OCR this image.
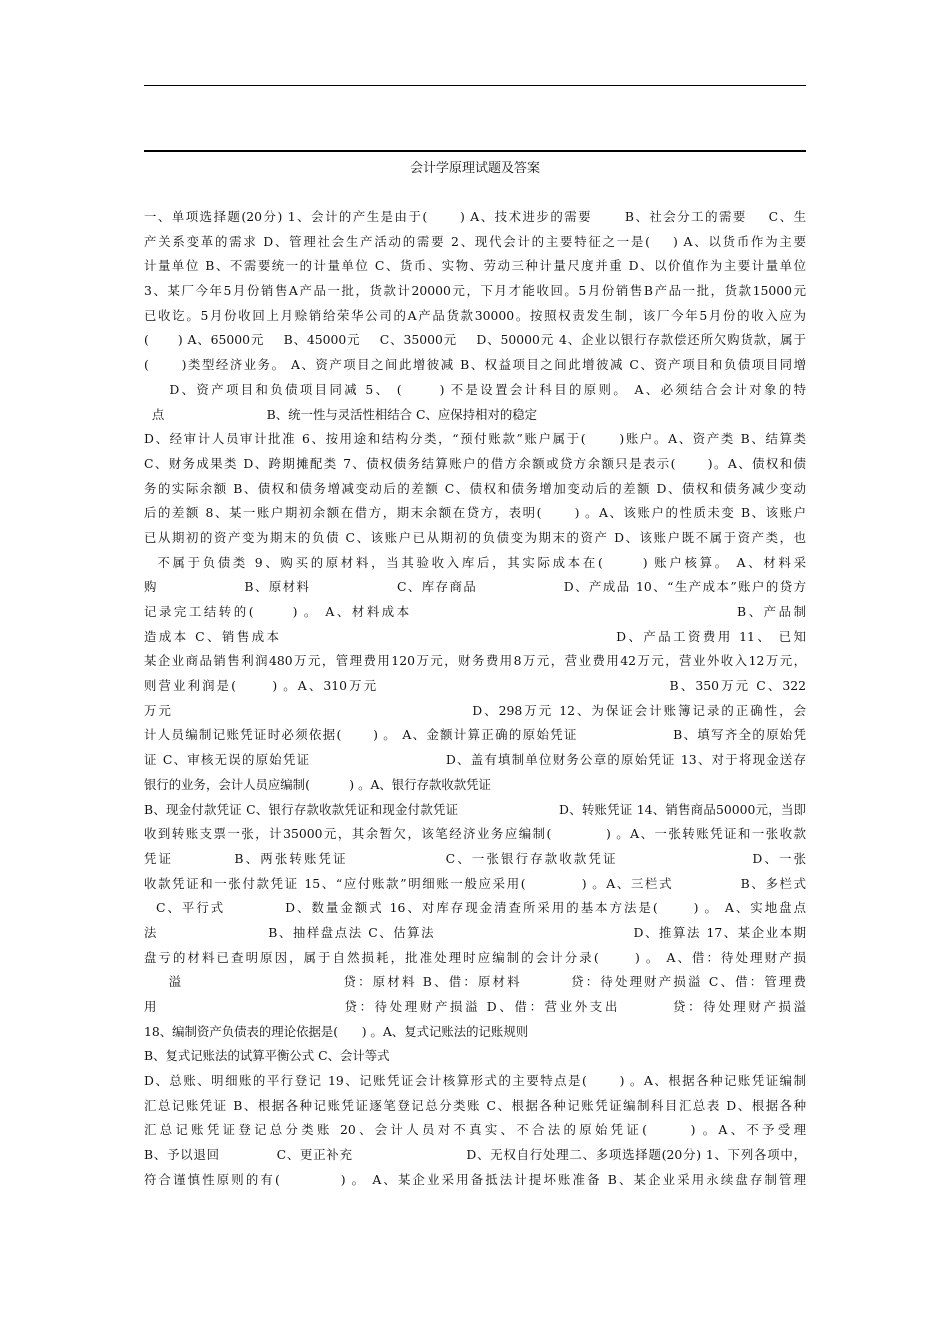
会计学原理试题及答案
一、单项选择题(20分) 1、会计的产生是由于(      ) A、技术进步的需要      B、社会分工的需要    C、生
产关系变革的需求 D、管理社会生产活动的需要 2、现代会计的主要特征之一是(    ) A、以货币作为主要
计量单位 B、不需要统一的计量单位 C、货币、实物、劳动三种计量尺度并重 D、以价值作为主要计量单位
3、某厂今年5月份销售A产品一批，货款计20000元，下月才能收回。5月份销售B产品一批，货款15000元
已收讫。5月份收回上月赊销给荣华公司的A产品货款30000。按照权责发生制，该厂今年5月份的收入应为
(      ) A、65000元    B、45000元    C、35000元    D、50000元 4、企业以银行存款偿还所欠购货款，属于
(      )类型经济业务。 A、资产项目之间此增彼减 B、权益项目之间此增彼减 C、资产项目和负债项目同增
D、资产项目和负债项目同减 5、 (      ) 不是设置会计科目的原则。 A、必须结合会计对象的特
点                          B、统一性与灵活性相结合 C、应保持相对的稳定
D、经审计人员审计批准 6、按用途和结构分类，“预付账款”账户属于(      )账户。A、资产类 B、结算类
C、财务成果类 D、跨期摊配类 7、债权债务结算账户的借方余额或贷方余额只是表示(      )。A、债权和债
务的实际余额 B、债权和债务增减变动后的差额 C、债权和债务增加变动后的差额 D、债权和债务减少变动
后的差额 8、某一账户期初余额在借方，期末余额在贷方，表明(      ) 。A、该账户的性质未变 B、该账户
已从期初的资产变为期末的负债 C、该账户已从期初的负债变为期末的资产 D、该账户既不属于资产类，也
不属于负债类 9、购买的原材料，当其验收入库后，其实际成本在(      ) 账户核算。 A、材料采
购                B、原材料                C、库存商品                D、产成品 10、“生产成本”账户的贷方
记录完工结转的(      ) 。 A、材料成本                                                  B、产品制
造成本 C、销售成本                                                    D、产品工资费用 11、 已知
某企业商品销售利润480万元，管理费用120万元，财务费用8万元，营业费用42万元，营业外收入12万元，
则营业利润是(      ) 。A、310万元                                                B、350万元 C、322
万元                                                  D、298万元 12、为保证会计账簿记录的正确性，会
计人员编制记账凭证时必须依据(      ) 。 A、金额计算正确的原始凭证                  B、填写齐全的原始凭
证 C、审核无误的原始凭证                          D、盖有填制单位财务公章的原始凭证 13、对于将现金送存
银行的业务，会计人员应编制(          ) 。A、银行存款收款凭证
B、现金付款凭证 C、银行存款收款凭证和现金付款凭证                        D、转账凭证 14、销售商品50000元，当即
收到转账支票一张，计35000元，其余暂欠，该笔经济业务应编制(          ) 。A、一张转账凭证和一张收款
凭证          B、两张转账凭证                C、一张银行存款收款凭证                      D、一张
收款凭证和一张付款凭证 15、“应付账款”明细账一般应采用(          ) 。A、三栏式            B、多栏式
C、平行式          D、数量金额式 16、对库存现金清查所采用的基本方法是(      ) 。 A、实地盘点
法                    B、抽样盘点法 C、估算法                                    D、推算法 17、某企业本期
盘亏的材料已查明原因，属于自然损耗，批准处理时应编制的会计分录(      ) 。 A、借：待处理财产损
溢                          贷：原材料 B、借：原材料        贷：待处理财产损溢 C、借：管理费
用                            贷：待处理财产损溢 D、借：营业外支出        贷：待处理财产损溢
18、编制资产负债表的理论依据是(      ) 。A、复式记账法的记账规则
B、复式记账法的试算平衡公式 C、会计等式
D、总账、明细账的平行登记 19、记账凭证会计核算形式的主要特点是(      ) 。A、根据各种记账凭证编制
汇总记账凭证 B、根据各种记账凭证逐笔登记总分类账 C、根据各种记账凭证编制科目汇总表 D、根据各种
汇总记账凭证登记总分类账 20、会计人员对不真实、不合法的原始凭证(      ) 。A、不予受理
B、予以退回            C、更正补充                        D、无权自行处理二、多项选择题(20分) 1、下列各项中，
符合谨慎性原则的有(          ) 。 A、某企业采用备抵法计提坏账准备 B、某企业采用永续盘存制管理
